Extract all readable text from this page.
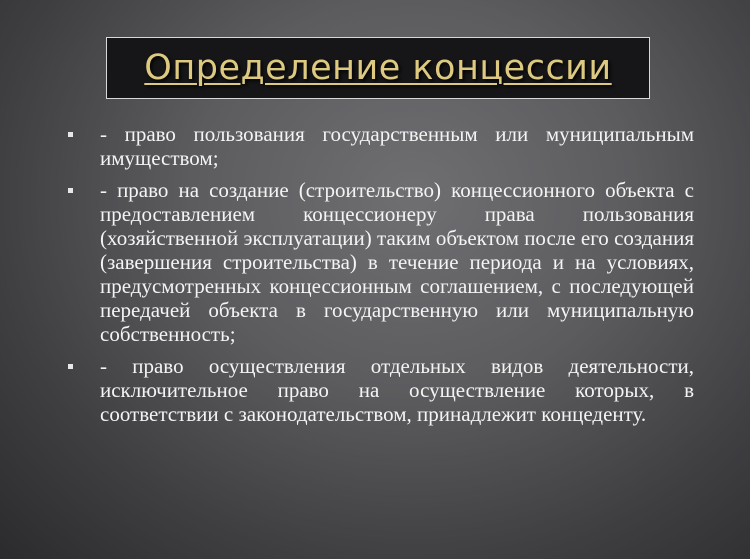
Определение концессии
- право пользования государственным или муниципальным имуществом;
- право на создание (строительство) концессионного объекта с предоставлением концессионеру права пользования (хозяйственной эксплуатации) таким объектом после его создания (завершения строительства) в течение периода и на условиях, предусмотренных концессионным соглашением, с последующей передачей объекта в государственную или муниципальную собственность;
- право осуществления отдельных видов деятельности, исключительное право на осуществление которых, в соответствии с законодательством, принадлежит концеденту.
